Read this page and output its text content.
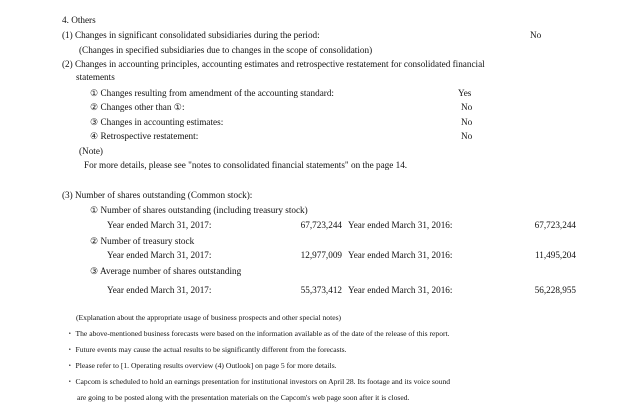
4. Others
(1) Changes in significant consolidated subsidiaries during the period:	No
(Changes in specified subsidiaries due to changes in the scope of consolidation)
(2) Changes in accounting principles, accounting estimates and retrospective restatement for consolidated financial
statements
① Changes resulting from amendment of the accounting standard:	Yes
② Changes other than ①:	No
③ Changes in accounting estimates:	No
④ Retrospective restatement:	No
(Note)
For more details, please see "notes to consolidated financial statements" on the page 14.
(3) Number of shares outstanding (Common stock):
① Number of shares outstanding (including treasury stock)
Year ended March 31, 2017:	67,723,244 Year ended March 31, 2016:	67,723,244
② Number of treasury stock
Year ended March 31, 2017:	12,977,009 Year ended March 31, 2016:	11,495,204
③ Average number of shares outstanding
Year ended March 31, 2017:	55,373,412 Year ended March 31, 2016:	56,228,955
(Explanation about the appropriate usage of business prospects and other special notes)
・ The above-mentioned business forecasts were based on the information available as of the date of the release of this report.
・ Future events may cause the actual results to be significantly different from the forecasts.
・ Please refer to [1. Operating results overview (4) Outlook] on page 5 for more details.
・ Capcom is scheduled to hold an earnings presentation for institutional investors on April 28. Its footage and its voice sound
are going to be posted along with the presentation materials on the Capcom's web page soon after it is closed.
